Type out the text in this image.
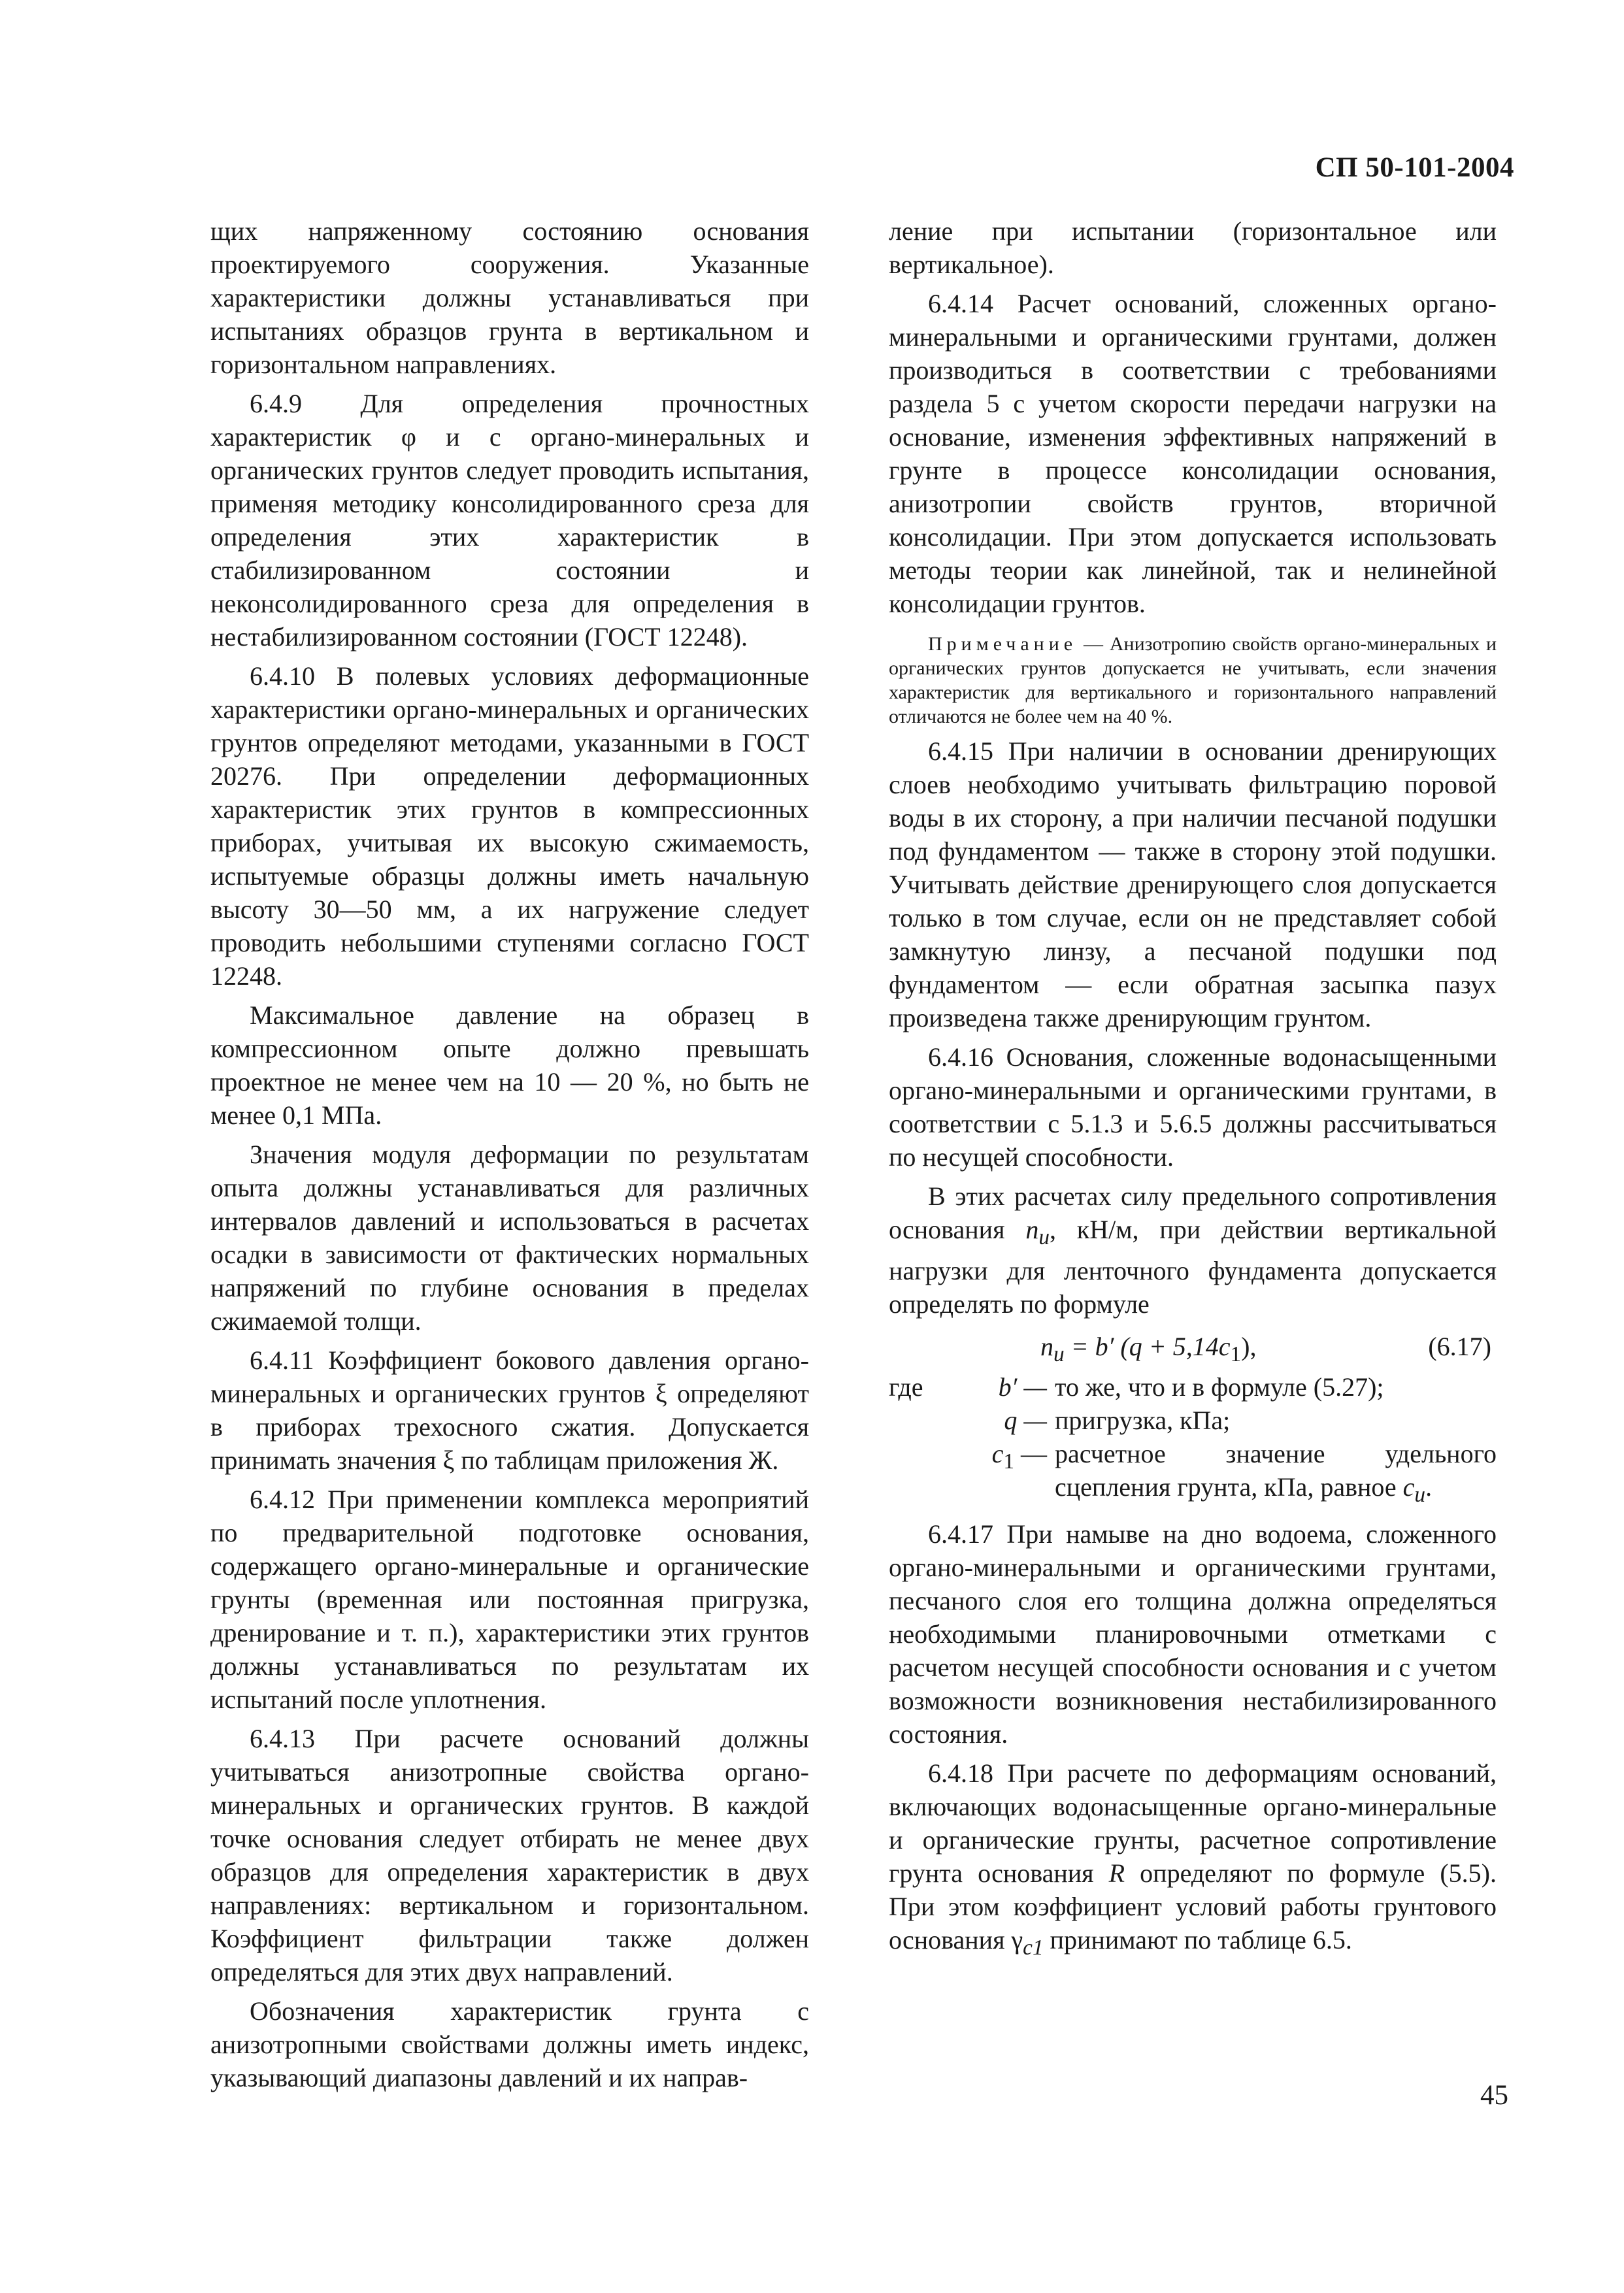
СП 50-101-2004

щих напряженному состоянию основания проектируемого сооружения. Указанные характеристики должны устанавливаться при испытаниях образцов грунта в вертикальном и горизонтальном направлениях.

6.4.9 Для определения прочностных характеристик φ и c органо-минеральных и органических грунтов следует проводить испытания, применяя методику консолидированного среза для определения этих характеристик в стабилизированном состоянии и неконсолидированного среза для определения в нестабилизированном состоянии (ГОСТ 12248).

6.4.10 В полевых условиях деформационные характеристики органо-минеральных и органических грунтов определяют методами, указанными в ГОСТ 20276. При определении деформационных характеристик этих грунтов в компрессионных приборах, учитывая их высокую сжимаемость, испытуемые образцы должны иметь начальную высоту 30—50 мм, а их нагружение следует проводить небольшими ступенями согласно ГОСТ 12248.

Максимальное давление на образец в компрессионном опыте должно превышать проектное не менее чем на 10 — 20 %, но быть не менее 0,1 МПа.

Значения модуля деформации по результатам опыта должны устанавливаться для различных интервалов давлений и использоваться в расчетах осадки в зависимости от фактических нормальных напряжений по глубине основания в пределах сжимаемой толщи.

6.4.11 Коэффициент бокового давления органо-минеральных и органических грунтов ξ определяют в приборах трехосного сжатия. Допускается принимать значения ξ по таблицам приложения Ж.

6.4.12 При применении комплекса мероприятий по предварительной подготовке основания, содержащего органо-минеральные и органические грунты (временная или постоянная пригрузка, дренирование и т. п.), характеристики этих грунтов должны устанавливаться по результатам их испытаний после уплотнения.

6.4.13 При расчете оснований должны учитываться анизотропные свойства органо-минеральных и органических грунтов. В каждой точке основания следует отбирать не менее двух образцов для определения характеристик в двух направлениях: вертикальном и горизонтальном. Коэффициент фильтрации также должен определяться для этих двух направлений.

Обозначения характеристик грунта с анизотропными свойствами должны иметь индекс, указывающий диапазоны давлений и их направ-

ление при испытании (горизонтальное или вертикальное).

6.4.14 Расчет оснований, сложенных органо-минеральными и органическими грунтами, должен производиться в соответствии с требованиями раздела 5 с учетом скорости передачи нагрузки на основание, изменения эффективных напряжений в грунте в процессе консолидации основания, анизотропии свойств грунтов, вторичной консолидации. При этом допускается использовать методы теории как линейной, так и нелинейной консолидации грунтов.

Примечание — Анизотропию свойств органо-минеральных и органических грунтов допускается не учитывать, если значения характеристик для вертикального и горизонтального направлений отличаются не более чем на 40 %.

6.4.15 При наличии в основании дренирующих слоев необходимо учитывать фильтрацию поровой воды в их сторону, а при наличии песчаной подушки под фундаментом — также в сторону этой подушки. Учитывать действие дренирующего слоя допускается только в том случае, если он не представляет собой замкнутую линзу, а песчаной подушки под фундаментом — если обратная засыпка пазух произведена также дренирующим грунтом.

6.4.16 Основания, сложенные водонасыщенными органо-минеральными и органическими грунтами, в соответствии с 5.1.3 и 5.6.5 должны рассчитываться по несущей способности.

В этих расчетах силу предельного сопротивления основания $n_u$, кН/м, при действии вертикальной нагрузки для ленточного фундамента допускается определять по формуле

$n_u = b'$ $(q + 5,14c_1)$,	(6.17)
где	b′ — то же, что и в формуле (5.27);
q — пригрузка, кПа;
$c_1$ — расчетное значение удельного сцепления грунта, кПа, равное $c_u$.

6.4.17 При намыве на дно водоема, сложенного органо-минеральными и органическими грунтами, песчаного слоя его толщина должна определяться необходимыми планировочными отметками с расчетом несущей способности основания и с учетом возможности возникновения нестабилизированного состояния.

6.4.18 При расчете по деформациям оснований, включающих водонасыщенные органо-минеральные и органические грунты, расчетное сопротивление грунта основания R определяют по формуле (5.5). При этом коэффициент условий работы грунтового основания $\gamma_{c1}$ принимают по таблице 6.5.

45
